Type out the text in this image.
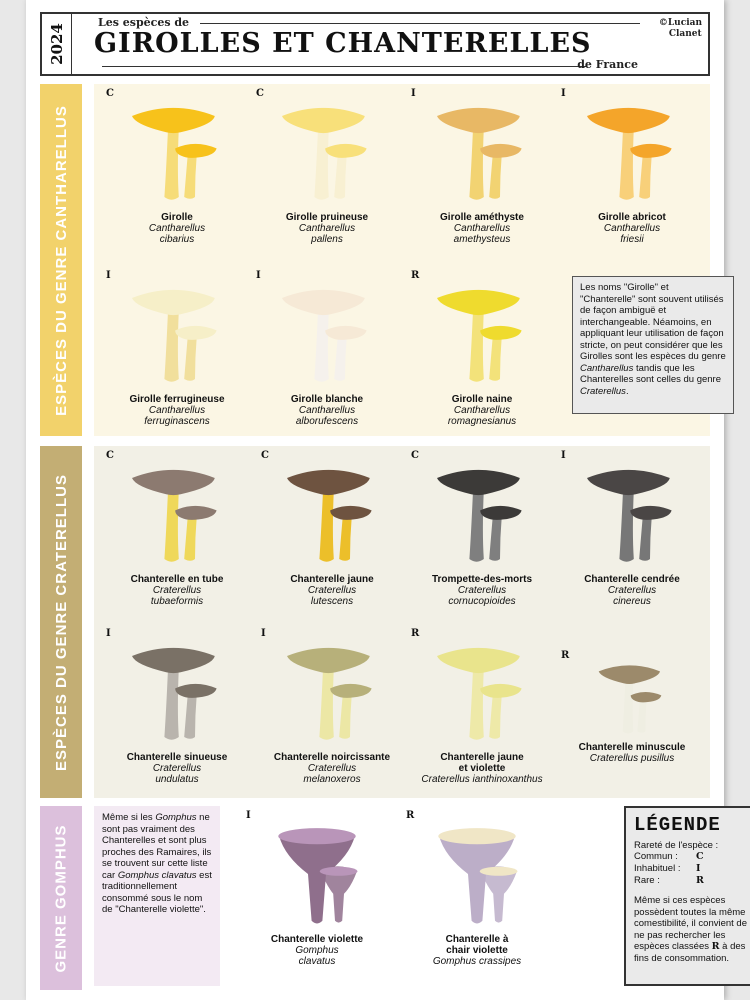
2024
Les espèces de
GIROLLES ET CHANTERELLES
de France
©Lucian
Clanet
ESPÈCES DU GENRE CANTHARELLUS	Les noms "Girolle" et "Chanterelle" sont souvent utilisés de façon ambiguë et interchangeable. Néamoins, en appliquant leur utilisation de façon stricte, on peut considérer que les Girolles sont les espèces du genre Cantharellus tandis que les Chanterelles sont celles du genre Craterellus.
C
Girolle
Cantharellus
cibarius
C
Girolle pruineuse
Cantharellus
pallens
I
Girolle améthyste
Cantharellus
amethysteus
I
Girolle abricot
Cantharellus
friesii
I
Girolle ferrugineuse
Cantharellus
ferruginascens
I
Girolle blanche
Cantharellus
alborufescens
R
Girolle naine
Cantharellus
romagnesianus
ESPÈCES DU GENRE CRATERELLUS
C
Chanterelle en tube
Craterellus
tubaeformis
C
Chanterelle jaune
Craterellus
lutescens
C
Trompette-des-morts
Craterellus
cornucopioides
I
Chanterelle cendrée
Craterellus
cinereus
I
Chanterelle sinueuse
Craterellus
undulatus
I
Chanterelle noircissante
Craterellus
melanoxeros
R
Chanterelle jaune
et violette
Craterellus ianthinoxanthus
R
Chanterelle minuscule
Craterellus pusillus
GENRE GOMPHUS
Même si les Gomphus ne sont pas vraiment des Chanterelles et sont plus proches des Ramaires, ils se trouvent sur cette liste car Gomphus clavatus est traditionnellement consommé sous le nom de "Chanterelle violette".
LÉGENDE
Rareté de l'espèce :
Commun :	C
Inhabituel :	I
Rare :	R
Même si ces espèces possèdent toutes la même comestibilité, il convient de ne pas rechercher les espèces classées R à des fins de consommation.
I
Chanterelle violette
Gomphus
clavatus
R
Chanterelle à
chair violette
Gomphus crassipes
